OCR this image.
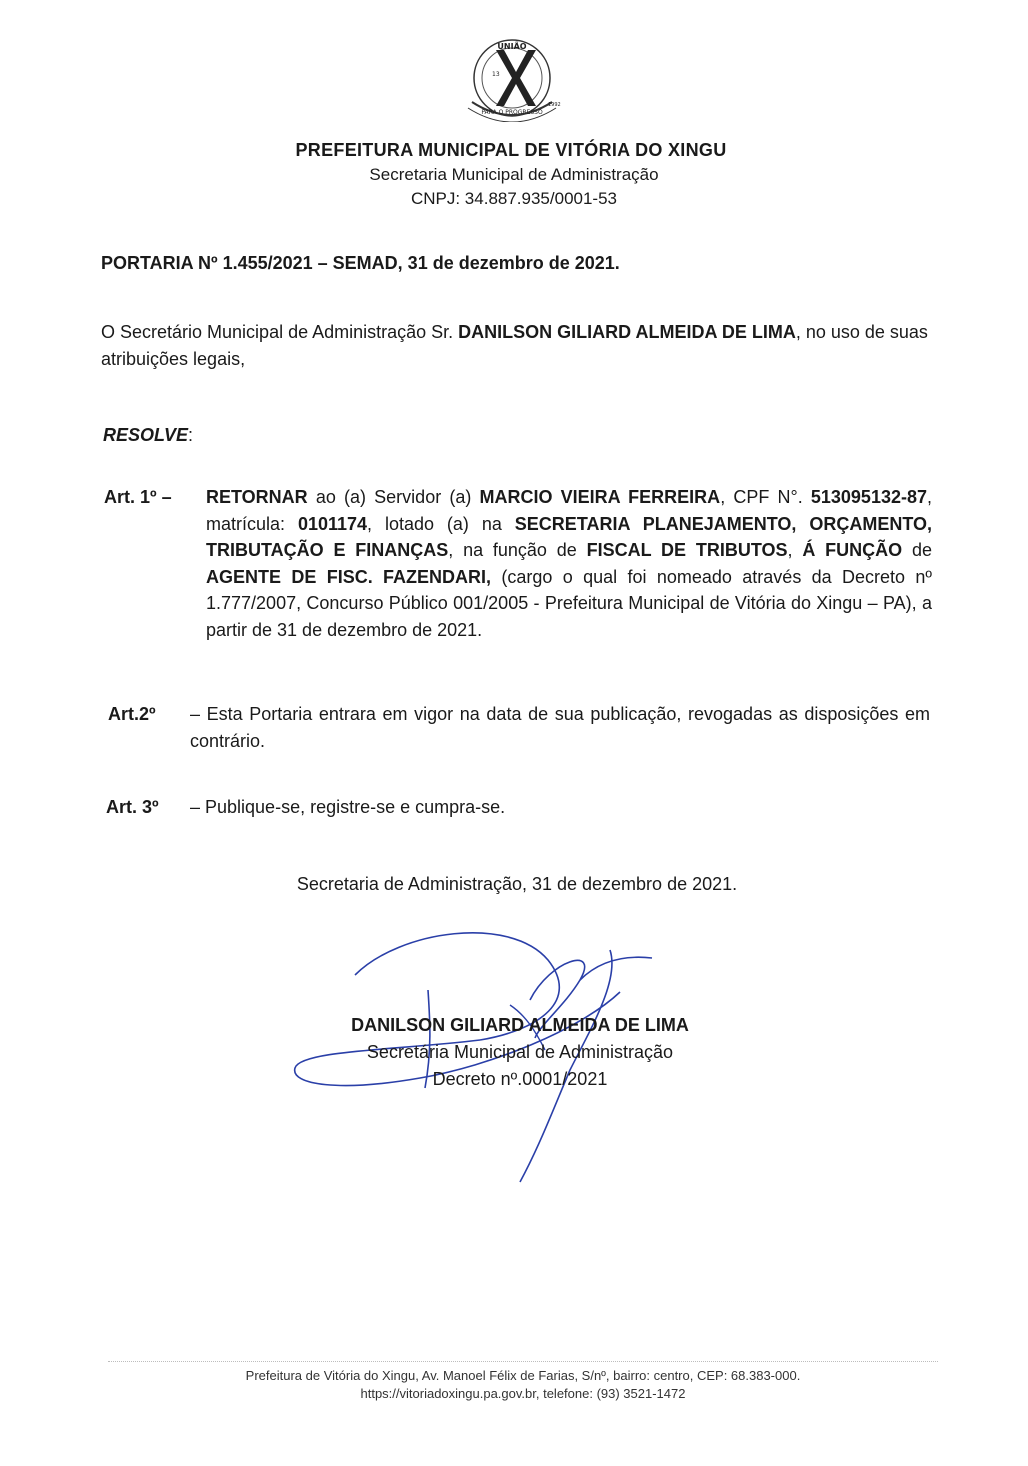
UNIÃO
13
PARA O PROGRESSO
1992
PREFEITURA MUNICIPAL DE VITÓRIA DO XINGU
Secretaria Municipal de Administração
CNPJ: 34.887.935/0001-53
PORTARIA Nº 1.455/2021 – SEMAD, 31 de dezembro de 2021.
O Secretário Municipal de Administração Sr. DANILSON GILIARD ALMEIDA DE LIMA, no uso de suas atribuições legais,
RESOLVE:
Art. 1º – RETORNAR ao (a) Servidor (a) MARCIO VIEIRA FERREIRA, CPF N°. 513095132-87, matrícula: 0101174, lotado (a) na SECRETARIA PLANEJAMENTO, ORÇAMENTO, TRIBUTAÇÃO E FINANÇAS, na função de FISCAL DE TRIBUTOS, Á FUNÇÃO de AGENTE DE FISC. FAZENDARI, (cargo o qual foi nomeado através da Decreto nº 1.777/2007, Concurso Público 001/2005 - Prefeitura Municipal de Vitória do Xingu – PA), a partir de 31 de dezembro de 2021.
Art.2º – Esta Portaria entrara em vigor na data de sua publicação, revogadas as disposições em contrário.
Art. 3º – Publique-se, registre-se e cumpra-se.
Secretaria de Administração, 31 de dezembro de 2021.
DANILSON GILIARD ALMEIDA DE LIMA
Secretária Municipal de Administração
Decreto nº.0001/2021
Prefeitura de Vitória do Xingu, Av. Manoel Félix de Farias, S/nº, bairro: centro, CEP: 68.383-000.
https://vitoriadoxingu.pa.gov.br, telefone: (93) 3521-1472
